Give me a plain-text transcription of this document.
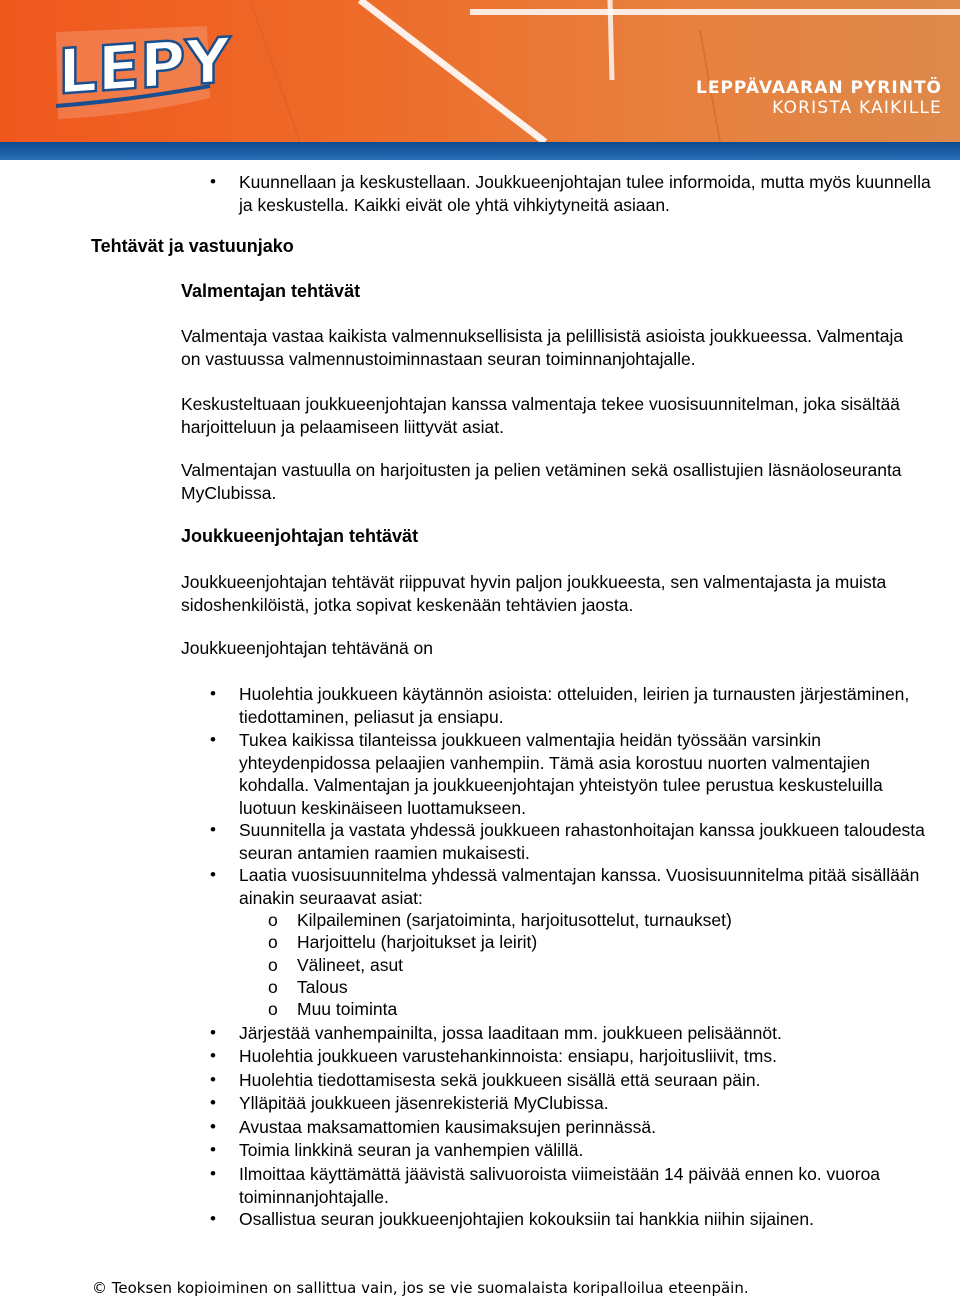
LEPY	LEPPÄVAARAN PYRINTÖ
KORISTA KAIKILLE
• Kuunnellaan ja keskustellaan. Joukkueenjohtajan tulee informoida, mutta myös kuunnella ja keskustella. Kaikki eivät ole yhtä vihkiytyneitä asiaan.
Tehtävät ja vastuunjako
Valmentajan tehtävät
Valmentaja vastaa kaikista valmennuksellisista ja pelillisistä asioista joukkueessa. Valmentaja on vastuussa valmennustoiminnastaan seuran toiminnanjohtajalle.
Keskusteltuaan joukkueenjohtajan kanssa valmentaja tekee vuosisuunnitelman, joka sisältää harjoitteluun ja pelaamiseen liittyvät asiat.
Valmentajan vastuulla on harjoitusten ja pelien vetäminen sekä osallistujien läsnäoloseuranta MyClubissa.
Joukkueenjohtajan tehtävät
Joukkueenjohtajan tehtävät riippuvat hyvin paljon joukkueesta, sen valmentajasta ja muista sidoshenkilöistä, jotka sopivat keskenään tehtävien jaosta.
Joukkueenjohtajan tehtävänä on
• Huolehtia joukkueen käytännön asioista: otteluiden, leirien ja turnausten järjestäminen, tiedottaminen, peliasut ja ensiapu.
• Tukea kaikissa tilanteissa joukkueen valmentajia heidän työssään varsinkin yhteydenpidossa pelaajien vanhempiin. Tämä asia korostuu nuorten valmentajien kohdalla. Valmentajan ja joukkueenjohtajan yhteistyön tulee perustua keskusteluilla luotuun keskinäiseen luottamukseen.
• Suunnitella ja vastata yhdessä joukkueen rahastonhoitajan kanssa joukkueen taloudesta seuran antamien raamien mukaisesti.
• Laatia vuosisuunnitelma yhdessä valmentajan kanssa. Vuosisuunnitelma pitää sisällään ainakin seuraavat asiat:
o Kilpaileminen (sarjatoiminta, harjoitusottelut, turnaukset)
o Harjoittelu (harjoitukset ja leirit)
o Välineet, asut
o Talous
o Muu toiminta
• Järjestää vanhempainilta, jossa laaditaan mm. joukkueen pelisäännöt.
• Huolehtia joukkueen varustehankinnoista: ensiapu, harjoitusliivit, tms.
• Huolehtia tiedottamisesta sekä joukkueen sisällä että seuraan päin.
• Ylläpitää joukkueen jäsenrekisteriä MyClubissa.
• Avustaa maksamattomien kausimaksujen perinnässä.
• Toimia linkkinä seuran ja vanhempien välillä.
• Ilmoittaa käyttämättä jäävistä salivuoroista viimeistään 14 päivää ennen ko. vuoroa toiminnanjohtajalle.
• Osallistua seuran joukkueenjohtajien kokouksiin tai hankkia niihin sijainen.
© Teoksen kopioiminen on sallittua vain, jos se vie suomalaista koripalloilua eteenpäin.
